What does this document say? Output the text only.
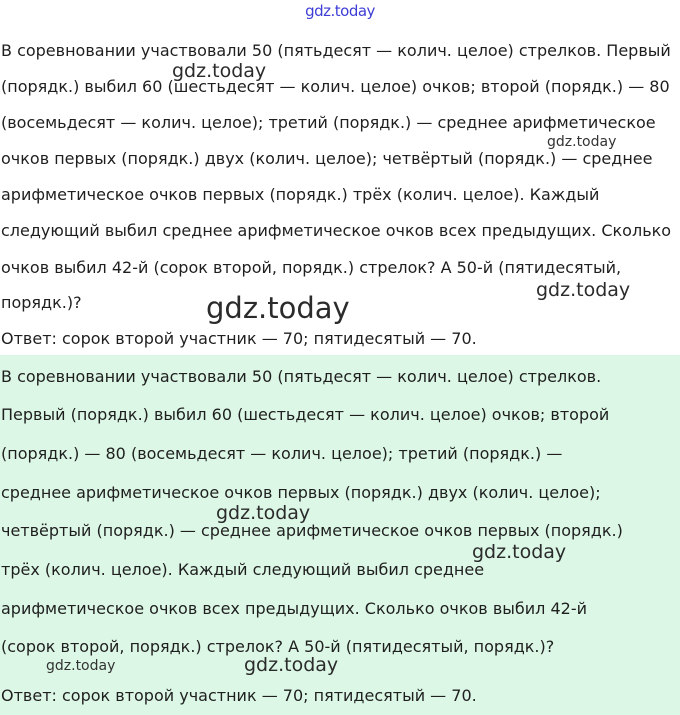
gdz.today
В соревновании участвовали 50 (пятьдесят — колич. целое) стрелков. Первый
(порядк.) выбил 60 (шестьдесят — колич. целое) очков; второй (порядк.) — 80
(восемьдесят — колич. целое); третий (порядк.) — среднее арифметическое
очков первых (порядк.) двух (колич. целое); четвёртый (порядк.) — среднее
арифметическое очков первых (порядк.) трёх (колич. целое). Каждый
следующий выбил среднее арифметическое очков всех предыдущих. Сколько
очков выбил 42-й (сорок второй, порядк.) стрелок? А 50-й (пятидесятый,
порядк.)?
Ответ: сорок второй участник — 70; пятидесятый — 70.
В соревновании участвовали 50 (пятьдесят — колич. целое) стрелков.
Первый (порядк.) выбил 60 (шестьдесят — колич. целое) очков; второй
(порядк.) — 80 (восемьдесят — колич. целое); третий (порядк.) —
среднее арифметическое очков первых (порядк.) двух (колич. целое);
четвёртый (порядк.) — среднее арифметическое очков первых (порядк.)
трёх (колич. целое). Каждый следующий выбил среднее
арифметическое очков всех предыдущих. Сколько очков выбил 42-й
(сорок второй, порядк.) стрелок? А 50-й (пятидесятый, порядк.)?
Ответ: сорок второй участник — 70; пятидесятый — 70.
gdz.today
gdz.today
gdz.today
gdz.today
gdz.today
gdz.today
gdz.today	gdz.today
